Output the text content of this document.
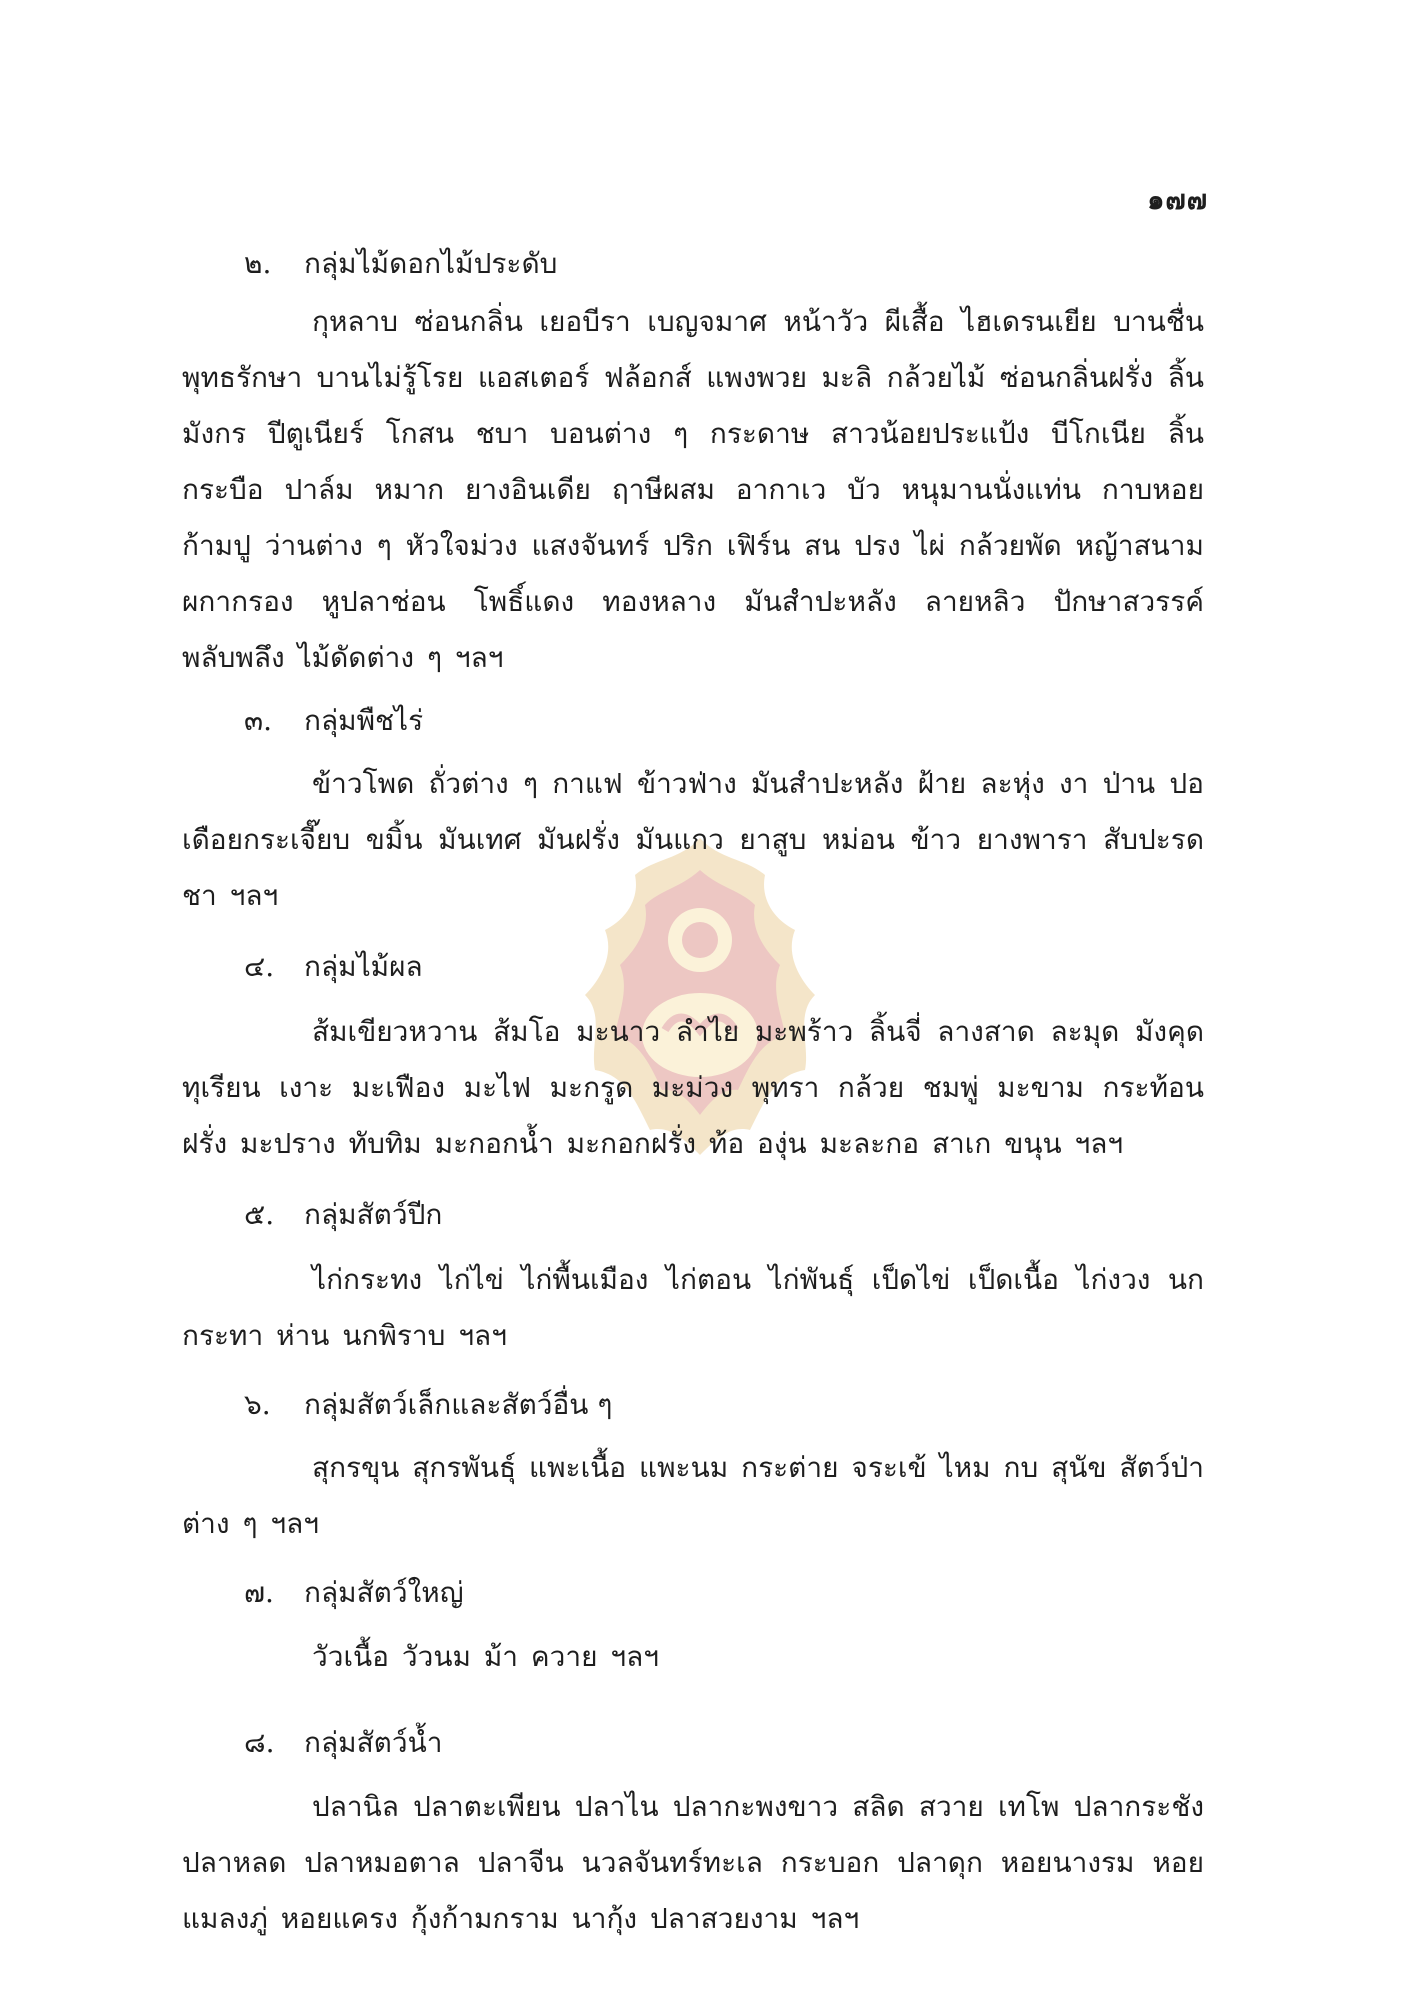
๑๗๗
๒. กลุ่มไม้ดอกไม้ประดับ

กุหลาบ ซ่อนกลิ่น เยอบีรา เบญจมาศ หน้าวัว ผีเสื้อ ไฮเดรนเยีย บานชื่น พุทธรักษา บานไม่รู้โรย แอสเตอร์ ฟล้อกส์ แพงพวย มะลิ กล้วยไม้ ซ่อนกลิ่นฝรั่ง ลิ้นมังกร ปีตูเนียร์ โกสน ชบา บอนต่าง ๆ กระดาษ สาวน้อยประแป้ง บีโกเนีย ลิ้นกระบือ ปาล์ม หมาก ยางอินเดีย ฤาษีผสม อากาเว บัว หนุมานนั่งแท่น กาบหอย ก้ามปู ว่านต่าง ๆ หัวใจม่วง แสงจันทร์ ปริก เฟิร์น สน ปรง ไผ่ กล้วยพัด หญ้าสนาม ผกากรอง หูปลาช่อน โพธิ์แดง ทองหลาง มันสำปะหลัง ลายหลิว ปักษาสวรรค์ พลับพลึง ไม้ดัดต่าง ๆ ฯลฯ

๓. กลุ่มพืชไร่

ข้าวโพด ถั่วต่าง ๆ กาแฟ ข้าวฟ่าง มันสำปะหลัง ฝ้าย ละหุ่ง งา ป่าน ปอ เดือยกระเจี๊ยบ ขมิ้น มันเทศ มันฝรั่ง มันแกว ยาสูบ หม่อน ข้าว ยางพารา สับปะรด ชา ฯลฯ

๔. กลุ่มไม้ผล

ส้มเขียวหวาน ส้มโอ มะนาว ลำไย มะพร้าว ลิ้นจี่ ลางสาด ละมุด มังคุด ทุเรียน เงาะ มะเฟือง มะไฟ มะกรูด มะม่วง พุทรา กล้วย ชมพู่ มะขาม กระท้อน ฝรั่ง มะปราง ทับทิม มะกอกน้ำ มะกอกฝรั่ง ท้อ องุ่น มะละกอ สาเก ขนุน ฯลฯ

๕. กลุ่มสัตว์ปีก

ไก่กระทง ไก่ไข่ ไก่พื้นเมือง ไก่ตอน ไก่พันธุ์ เป็ดไข่ เป็ดเนื้อ ไก่งวง นกกระทา ห่าน นกพิราบ ฯลฯ

๖. กลุ่มสัตว์เล็กและสัตว์อื่น ๆ

สุกรขุน สุกรพันธุ์ แพะเนื้อ แพะนม กระต่าย จระเข้ ไหม กบ สุนัข สัตว์ป่าต่าง ๆ ฯลฯ

๗. กลุ่มสัตว์ใหญ่

วัวเนื้อ วัวนม ม้า ควาย ฯลฯ

๘. กลุ่มสัตว์น้ำ

ปลานิล ปลาตะเพียน ปลาไน ปลากะพงขาว สลิด สวาย เทโพ ปลากระชัง ปลาหลด ปลาหมอตาล ปลาจีน นวลจันทร์ทะเล กระบอก ปลาดุก หอยนางรม หอยแมลงภู่ หอยแครง กุ้งก้ามกราม นากุ้ง ปลาสวยงาม ฯลฯ
